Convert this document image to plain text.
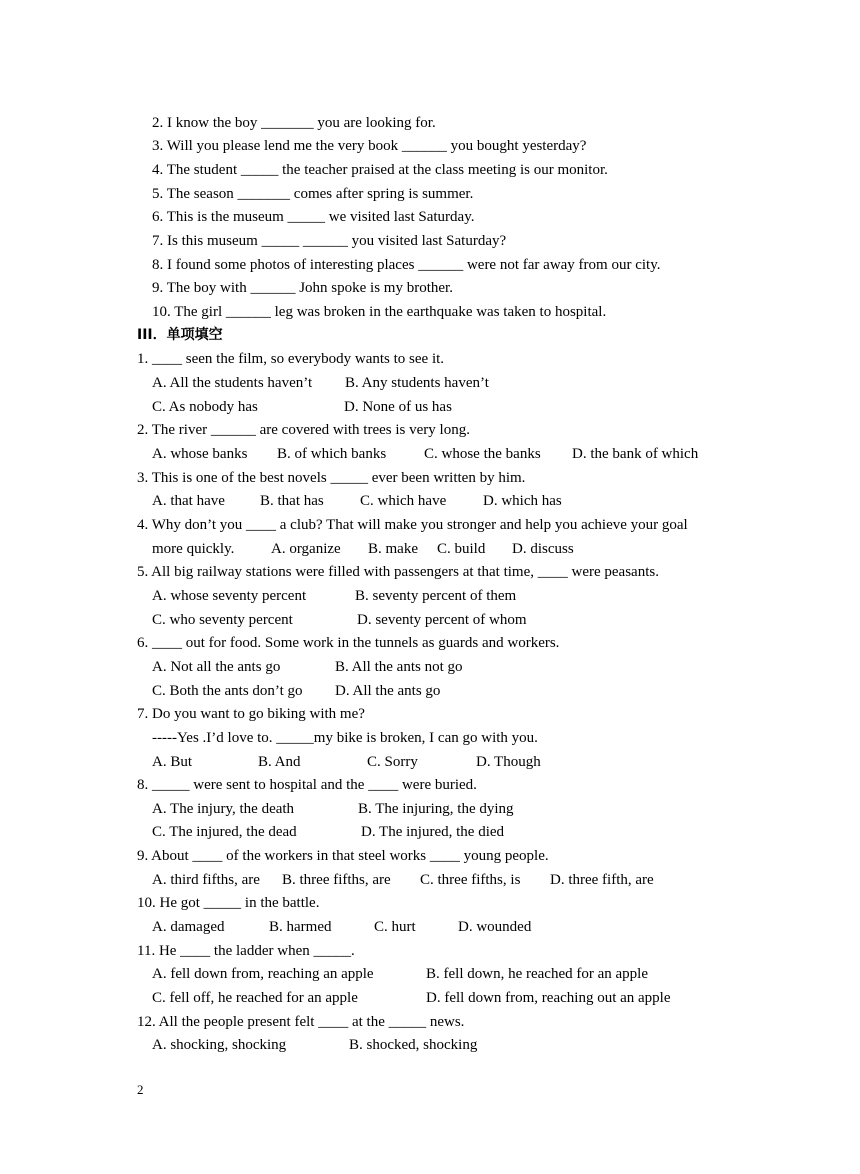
2. I know the boy _______ you are looking for.
3. Will you please lend me the very book ______ you bought yesterday?
4. The student _____ the teacher praised at the class meeting is our monitor.
5. The season _______ comes after spring is summer.
6. This is the museum _____ we visited last Saturday.
7. Is this museum _____ ______ you visited last Saturday?
8. I found some photos of interesting places ______ were not far away from our city.
9. The boy with ______ John spoke is my brother.
10. The girl ______ leg was broken in the earthquake was taken to hospital.
III．单项填空
1. ____ seen the film, so everybody wants to see it.
A. All the students haven’t B. Any students haven’t
C. As nobody has	D. None of us has
2. The river ______ are covered with trees is very long.
A. whose banks B. of which banks	C. whose the banks D. the bank of which
3. This is one of the best novels _____ ever been written by him.
A. that have B. that has C. which have D. which has
4. Why don’t you ____ a club? That will make you stronger and help you achieve your goal
more quickly. A. organize B. make C. build D. discuss
5. All big railway stations were filled with passengers at that time, ____ were peasants.
A. whose seventy percent	B. seventy percent of them
C. who seventy percent	D. seventy percent of whom
6. ____ out for food. Some work in the tunnels as guards and workers.
A. Not all the ants go	B. All the ants not go
C. Both the ants don’t go D. All the ants go
7. Do you want to go biking with me?
-----Yes .I’d love to. _____my bike is broken, I can go with you.
A. But	B. And	C. Sorry	D. Though
8. _____ were sent to hospital and the ____ were buried.
A. The injury, the death	B. The injuring, the dying
C. The injured, the dead	D. The injured, the died
9. About ____ of the workers in that steel works ____ young people.
A. third fifths, are B. three fifths, are C. three fifths, is D. three fifth, are
10. He got _____ in the battle.
A. damaged	B. harmed	C. hurt	D. wounded
11. He ____ the ladder when _____.
A. fell down from, reaching an apple	B. fell down, he reached for an apple
C. fell off, he reached for an apple	D. fell down from, reaching out an apple
12. All the people present felt ____ at the _____ news.
A. shocking, shocking	B. shocked, shocking
2
